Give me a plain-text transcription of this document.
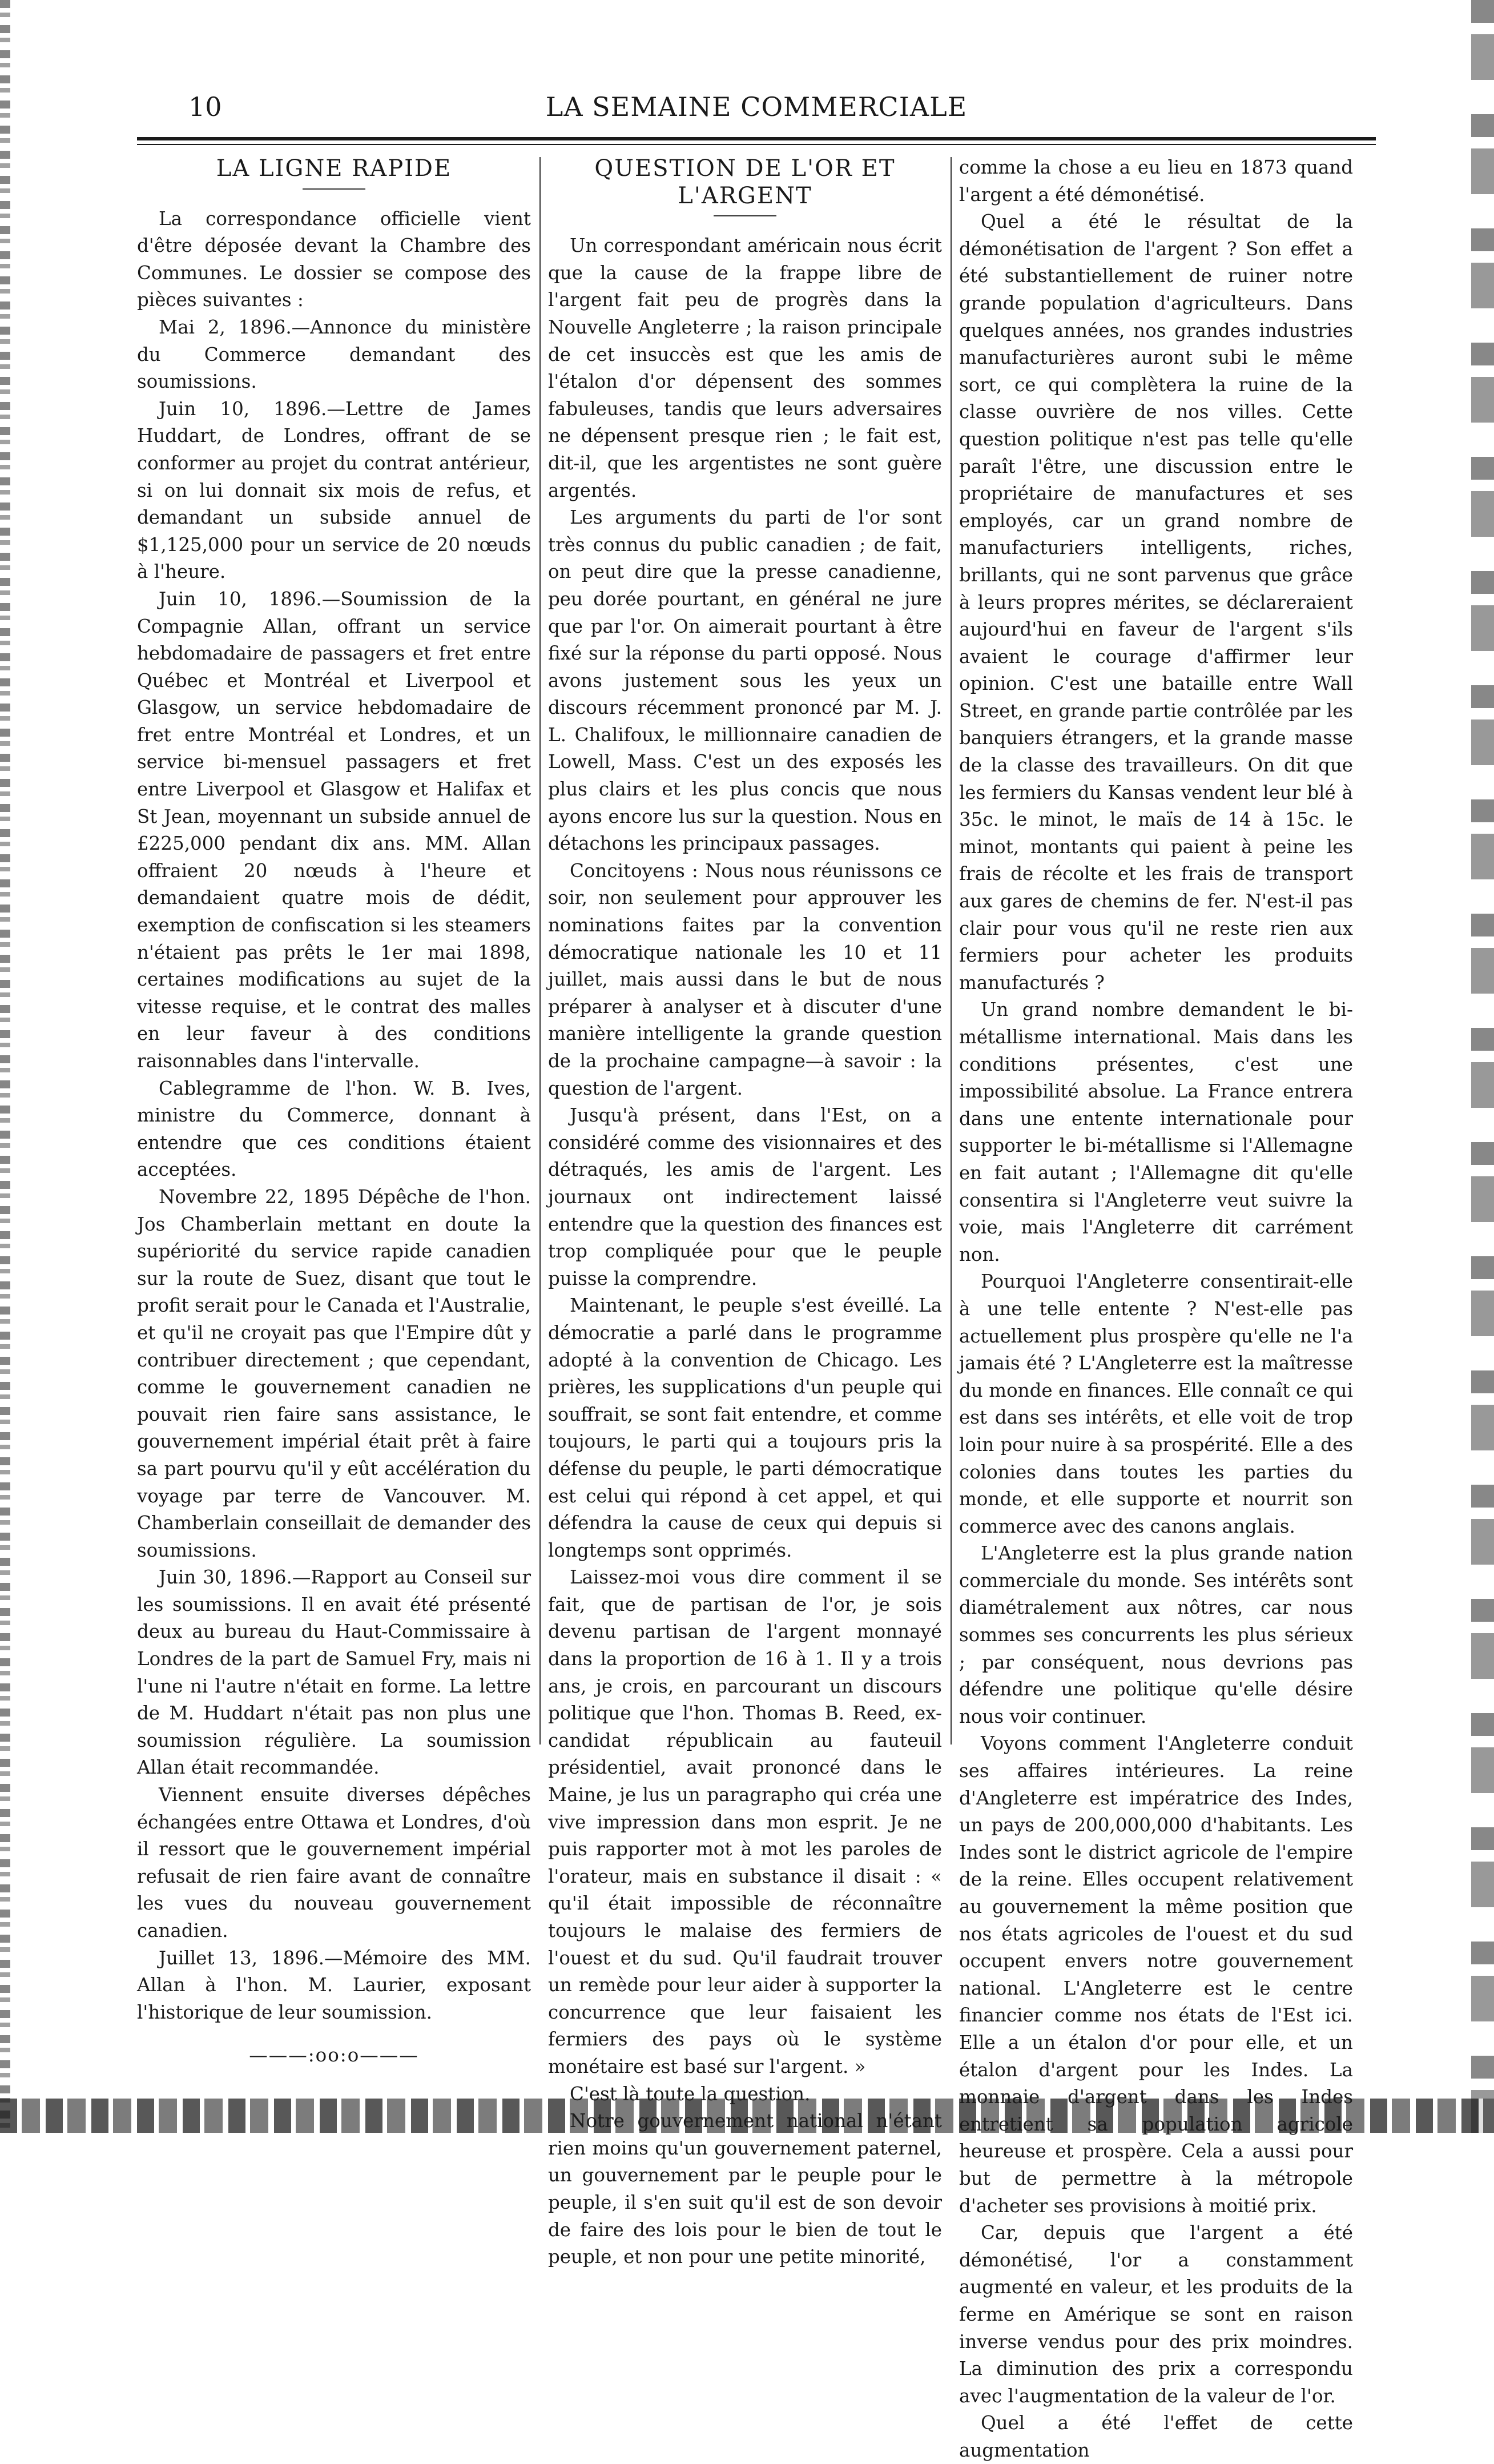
10	LA SEMAINE COMMERCIALE
LA LIGNE RAPIDE

La correspondance officielle vient d'être déposée devant la Chambre des Communes. Le dossier se compose des pièces suivantes :

Mai 2, 1896.—Annonce du ministère du Commerce demandant des soumissions.

Juin 10, 1896.—Lettre de James Huddart, de Londres, offrant de se conformer au projet du contrat antérieur, si on lui donnait six mois de refus, et demandant un subside annuel de $1,125,000 pour un service de 20 nœuds à l'heure.

Juin 10, 1896.—Soumission de la Compagnie Allan, offrant un service hebdomadaire de passagers et fret entre Québec et Montréal et Liverpool et Glasgow, un service hebdomadaire de fret entre Montréal et Londres, et un service bi-mensuel passagers et fret entre Liverpool et Glasgow et Halifax et St Jean, moyennant un subside annuel de £225,000 pendant dix ans. MM. Allan offraient 20 nœuds à l'heure et demandaient quatre mois de dédit, exemption de confiscation si les steamers n'étaient pas prêts le 1er mai 1898, certaines modifications au sujet de la vitesse requise, et le contrat des malles en leur faveur à des conditions raisonnables dans l'intervalle.

Cablegramme de l'hon. W. B. Ives, ministre du Commerce, donnant à entendre que ces conditions étaient acceptées.

Novembre 22, 1895 Dépêche de l'hon. Jos Chamberlain mettant en doute la supériorité du service rapide canadien sur la route de Suez, disant que tout le profit serait pour le Canada et l'Australie, et qu'il ne croyait pas que l'Empire dût y contribuer directement ; que cependant, comme le gouvernement canadien ne pouvait rien faire sans assistance, le gouvernement impérial était prêt à faire sa part pourvu qu'il y eût accélération du voyage par terre de Vancouver. M. Chamberlain conseillait de demander des soumissions.

Juin 30, 1896.—Rapport au Conseil sur les soumissions. Il en avait été présenté deux au bureau du Haut-Commissaire à Londres de la part de Samuel Fry, mais ni l'une ni l'autre n'était en forme. La lettre de M. Huddart n'était pas non plus une soumission régulière. La soumission Allan était recommandée.

Viennent ensuite diverses dépêches échangées entre Ottawa et Londres, d'où il ressort que le gouvernement impérial refusait de rien faire avant de connaître les vues du nouveau gouvernement canadien.

Juillet 13, 1896.—Mémoire des MM. Allan à l'hon. M. Laurier, exposant l'historique de leur soumission.

———:oo:o———
QUESTION DE L'OR ET L'ARGENT

Un correspondant américain nous écrit que la cause de la frappe libre de l'argent fait peu de progrès dans la Nouvelle Angleterre ; la raison principale de cet insuccès est que les amis de l'étalon d'or dépensent des sommes fabuleuses, tandis que leurs adversaires ne dépensent presque rien ; le fait est, dit-il, que les argentistes ne sont guère argentés.

Les arguments du parti de l'or sont très connus du public canadien ; de fait, on peut dire que la presse canadienne, peu dorée pourtant, en général ne jure que par l'or. On aimerait pourtant à être fixé sur la réponse du parti opposé. Nous avons justement sous les yeux un discours récemment prononcé par M. J. L. Chalifoux, le millionnaire canadien de Lowell, Mass. C'est un des exposés les plus clairs et les plus concis que nous ayons encore lus sur la question. Nous en détachons les principaux passages.

Concitoyens : Nous nous réunissons ce soir, non seulement pour approuver les nominations faites par la convention démocratique nationale les 10 et 11 juillet, mais aussi dans le but de nous préparer à analyser et à discuter d'une manière intelligente la grande question de la prochaine campagne—à savoir : la question de l'argent.

Jusqu'à présent, dans l'Est, on a considéré comme des visionnaires et des détraqués, les amis de l'argent. Les journaux ont indirectement laissé entendre que la question des finances est trop compliquée pour que le peuple puisse la comprendre.

Maintenant, le peuple s'est éveillé. La démocratie a parlé dans le programme adopté à la convention de Chicago. Les prières, les supplications d'un peuple qui souffrait, se sont fait entendre, et comme toujours, le parti qui a toujours pris la défense du peuple, le parti démocratique est celui qui répond à cet appel, et qui défendra la cause de ceux qui depuis si longtemps sont opprimés.

Laissez-moi vous dire comment il se fait, que de partisan de l'or, je sois devenu partisan de l'argent monnayé dans la proportion de 16 à 1. Il y a trois ans, je crois, en parcourant un discours politique que l'hon. Thomas B. Reed, ex-candidat républicain au fauteuil présidentiel, avait prononcé dans le Maine, je lus un paragrapho qui créa une vive impression dans mon esprit. Je ne puis rapporter mot à mot les paroles de l'orateur, mais en substance il disait : « qu'il était impossible de réconnaître toujours le malaise des fermiers de l'ouest et du sud. Qu'il faudrait trouver un remède pour leur aider à supporter la concurrence que leur faisaient les fermiers des pays où le système monétaire est basé sur l'argent. »

C'est là toute la question.

Notre gouvernement national n'étant rien moins qu'un gouvernement paternel, un gouvernement par le peuple pour le peuple, il s'en suit qu'il est de son devoir de faire des lois pour le bien de tout le peuple, et non pour une petite minorité,

comme la chose a eu lieu en 1873 quand l'argent a été démonétisé.

Quel a été le résultat de la démonétisation de l'argent ? Son effet a été substantiellement de ruiner notre grande population d'agriculteurs. Dans quelques années, nos grandes industries manufacturières auront subi le même sort, ce qui complètera la ruine de la classe ouvrière de nos villes. Cette question politique n'est pas telle qu'elle paraît l'être, une discussion entre le propriétaire de manufactures et ses employés, car un grand nombre de manufacturiers intelligents, riches, brillants, qui ne sont parvenus que grâce à leurs propres mérites, se déclareraient aujourd'hui en faveur de l'argent s'ils avaient le courage d'affirmer leur opinion. C'est une bataille entre Wall Street, en grande partie contrôlée par les banquiers étrangers, et la grande masse de la classe des travailleurs. On dit que les fermiers du Kansas vendent leur blé à 35c. le minot, le maïs de 14 à 15c. le minot, montants qui paient à peine les frais de récolte et les frais de transport aux gares de chemins de fer. N'est-il pas clair pour vous qu'il ne reste rien aux fermiers pour acheter les produits manufacturés ?

Un grand nombre demandent le bi-métallisme international. Mais dans les conditions présentes, c'est une impossibilité absolue. La France entrera dans une entente internationale pour supporter le bi-métallisme si l'Allemagne en fait autant ; l'Allemagne dit qu'elle consentira si l'Angleterre veut suivre la voie, mais l'Angleterre dit carrément non.

Pourquoi l'Angleterre consentirait-elle à une telle entente ? N'est-elle pas actuellement plus prospère qu'elle ne l'a jamais été ? L'Angleterre est la maîtresse du monde en finances. Elle connaît ce qui est dans ses intérêts, et elle voit de trop loin pour nuire à sa prospérité. Elle a des colonies dans toutes les parties du monde, et elle supporte et nourrit son commerce avec des canons anglais.

L'Angleterre est la plus grande nation commerciale du monde. Ses intérêts sont diamétralement aux nôtres, car nous sommes ses concurrents les plus sérieux ; par conséquent, nous devrions pas défendre une politique qu'elle désire nous voir continuer.

Voyons comment l'Angleterre conduit ses affaires intérieures. La reine d'Angleterre est impératrice des Indes, un pays de 200,000,000 d'habitants. Les Indes sont le district agricole de l'empire de la reine. Elles occupent relativement au gouvernement la même position que nos états agricoles de l'ouest et du sud occupent envers notre gouvernement national. L'Angleterre est le centre financier comme nos états de l'Est ici. Elle a un étalon d'or pour elle, et un étalon d'argent pour les Indes. La monnaie d'argent dans les Indes entretient sa population agricole heureuse et prospère. Cela a aussi pour but de permettre à la métropole d'acheter ses provisions à moitié prix.

Car, depuis que l'argent a été démonétisé, l'or a constamment augmenté en valeur, et les produits de la ferme en Amérique se sont en raison inverse vendus pour des prix moindres. La diminution des prix a correspondu avec l'augmentation de la valeur de l'or.

Quel a été l'effet de cette augmentation
